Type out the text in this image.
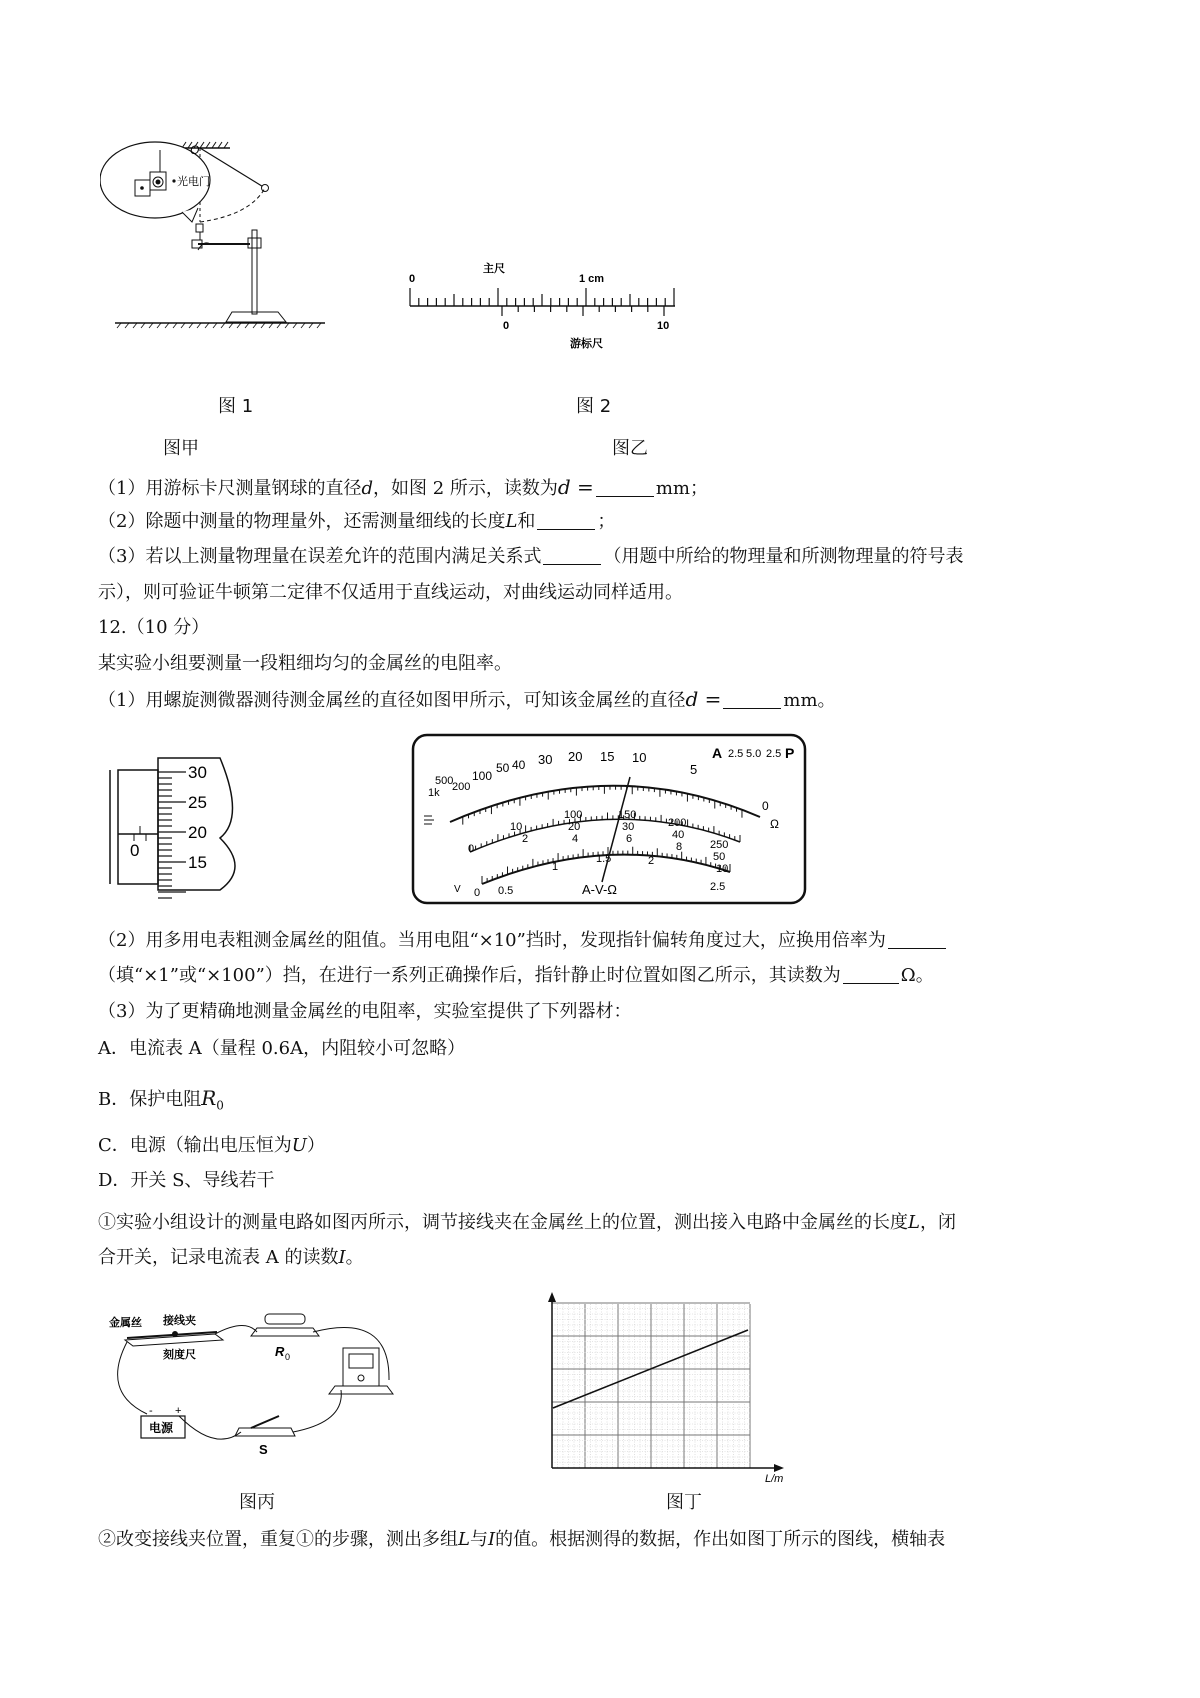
O
光电门
图 1
主尺
0	1 cm
0	10
游标尺
图 2
图甲	图乙
（1）用游标卡尺测量钢球的直径d，如图 2 所示，读数为d =	mm；
（2）除题中测量的物理量外，还需测量细线的长度L和	；
（3）若以上测量物理量在误差允许的范围内满足关系式	（用题中所给的物理量和所测物理量的符号表
示），则可验证牛顿第二定律不仅适用于直线运动，对曲线运动同样适用。
12.（10 分）
某实验小组要测量一段粗细均匀的金属丝的电阻率。
（1）用螺旋测微器测待测金属丝的直径如图甲所示，可知该金属丝的直径d =	mm。
0
30
25
20
15
A 2.5 5.0 2.5 P
500
1k 200
100
50 40 30 20 15 10
5
0
Ω
100
20
4
150
30
6
200
40
8	250
50
10
0
10
2
0 0.5
1
1.5	2
2.5
A-V-Ω
V
（2）用多用电表粗测金属丝的阻值。当用电阻“×10”挡时，发现指针偏转角度过大，应换用倍率为
（填“×1”或“×100”）挡，在进行一系列正确操作后，指针静止时位置如图乙所示，其读数为	Ω。
（3）为了更精确地测量金属丝的电阻率，实验室提供了下列器材：
A．电流表 A（量程 0.6A，内阻较小可忽略）
B．保护电阻$R_0$
C．电源（输出电压恒为U）
D．开关 S、导线若干
①实验小组设计的测量电路如图丙所示，调节接线夹在金属丝上的位置，测出接入电路中金属丝的长度L，闭
合开关，记录电流表 A 的读数I。
金属丝 接线夹
刻度尺	R 0
电源
- +
S
图丙
L/m
图丁
②改变接线夹位置，重复①的步骤，测出多组L与I的值。根据测得的数据，作出如图丁所示的图线，横轴表
